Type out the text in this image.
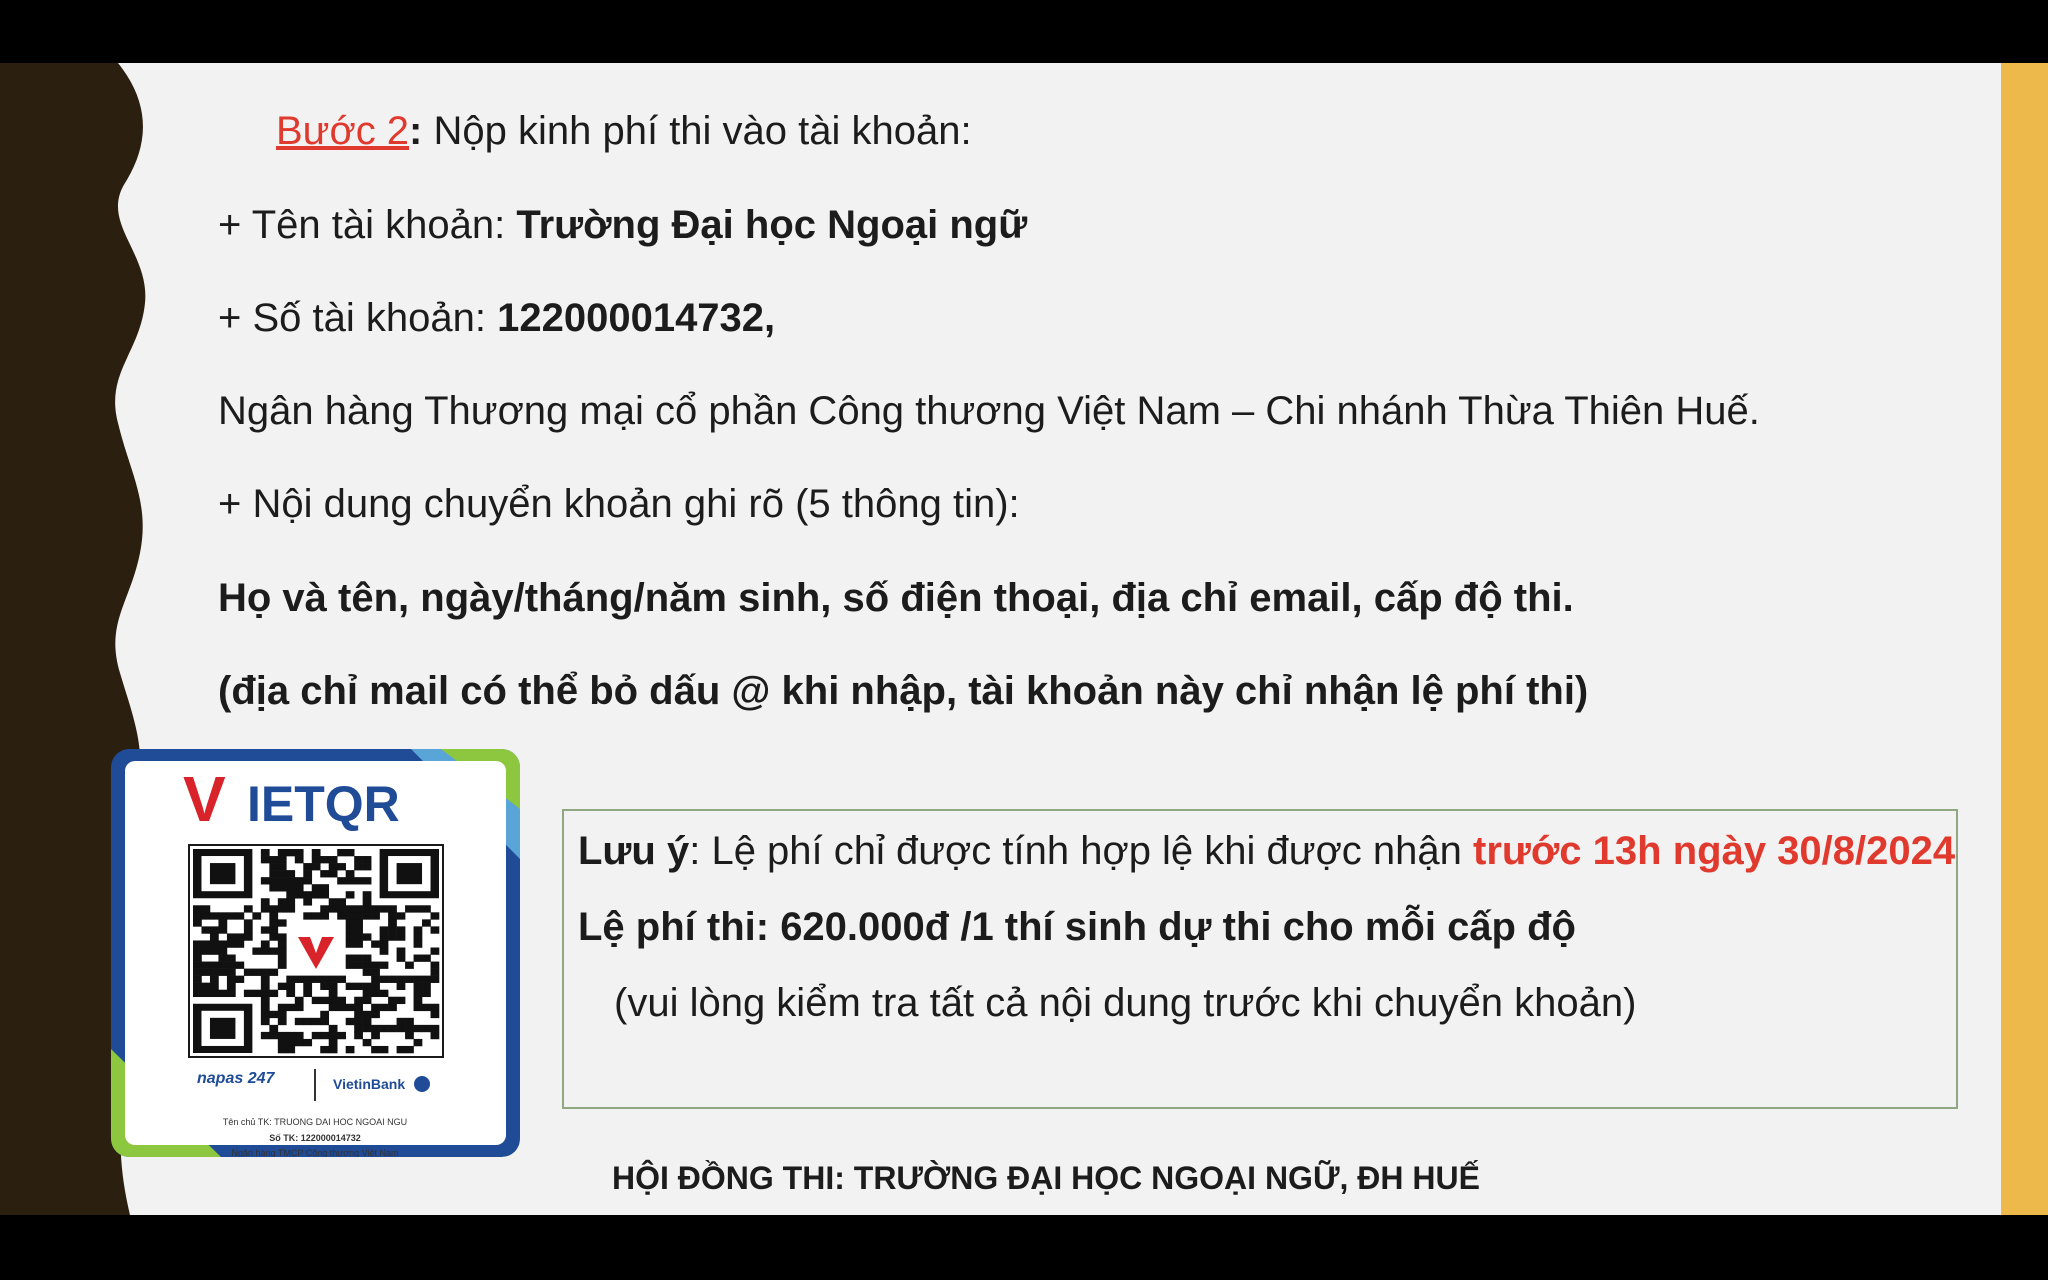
Bước 2: Nộp kinh phí thi vào tài khoản:
+ Tên tài khoản: Trường Đại học Ngoại ngữ
+ Số tài khoản: 122000014732,
Ngân hàng Thương mại cổ phần Công thương Việt Nam – Chi nhánh Thừa Thiên Huế.
+ Nội dung chuyển khoản ghi rõ (5 thông tin):
Họ và tên, ngày/tháng/năm sinh, số điện thoại, địa chỉ email, cấp độ thi.
(địa chỉ mail có thể bỏ dấu @ khi nhập, tài khoản này chỉ nhận lệ phí thi)
V IETQR
napas 247	VietinBank
Tên chủ TK: TRUONG DAI HOC NGOAI NGU
Số TK: 122000014732
Ngân hàng TMCP Công thương Việt Nam
Lưu ý: Lệ phí chỉ được tính hợp lệ khi được nhận trước 13h ngày 30/8/2024
Lệ phí thi: 620.000đ /1 thí sinh dự thi cho mỗi cấp độ
(vui lòng kiểm tra tất cả nội dung trước khi chuyển khoản)
HỘI ĐỒNG THI: TRƯỜNG ĐẠI HỌC NGOẠI NGỮ, ĐH HUẾ
